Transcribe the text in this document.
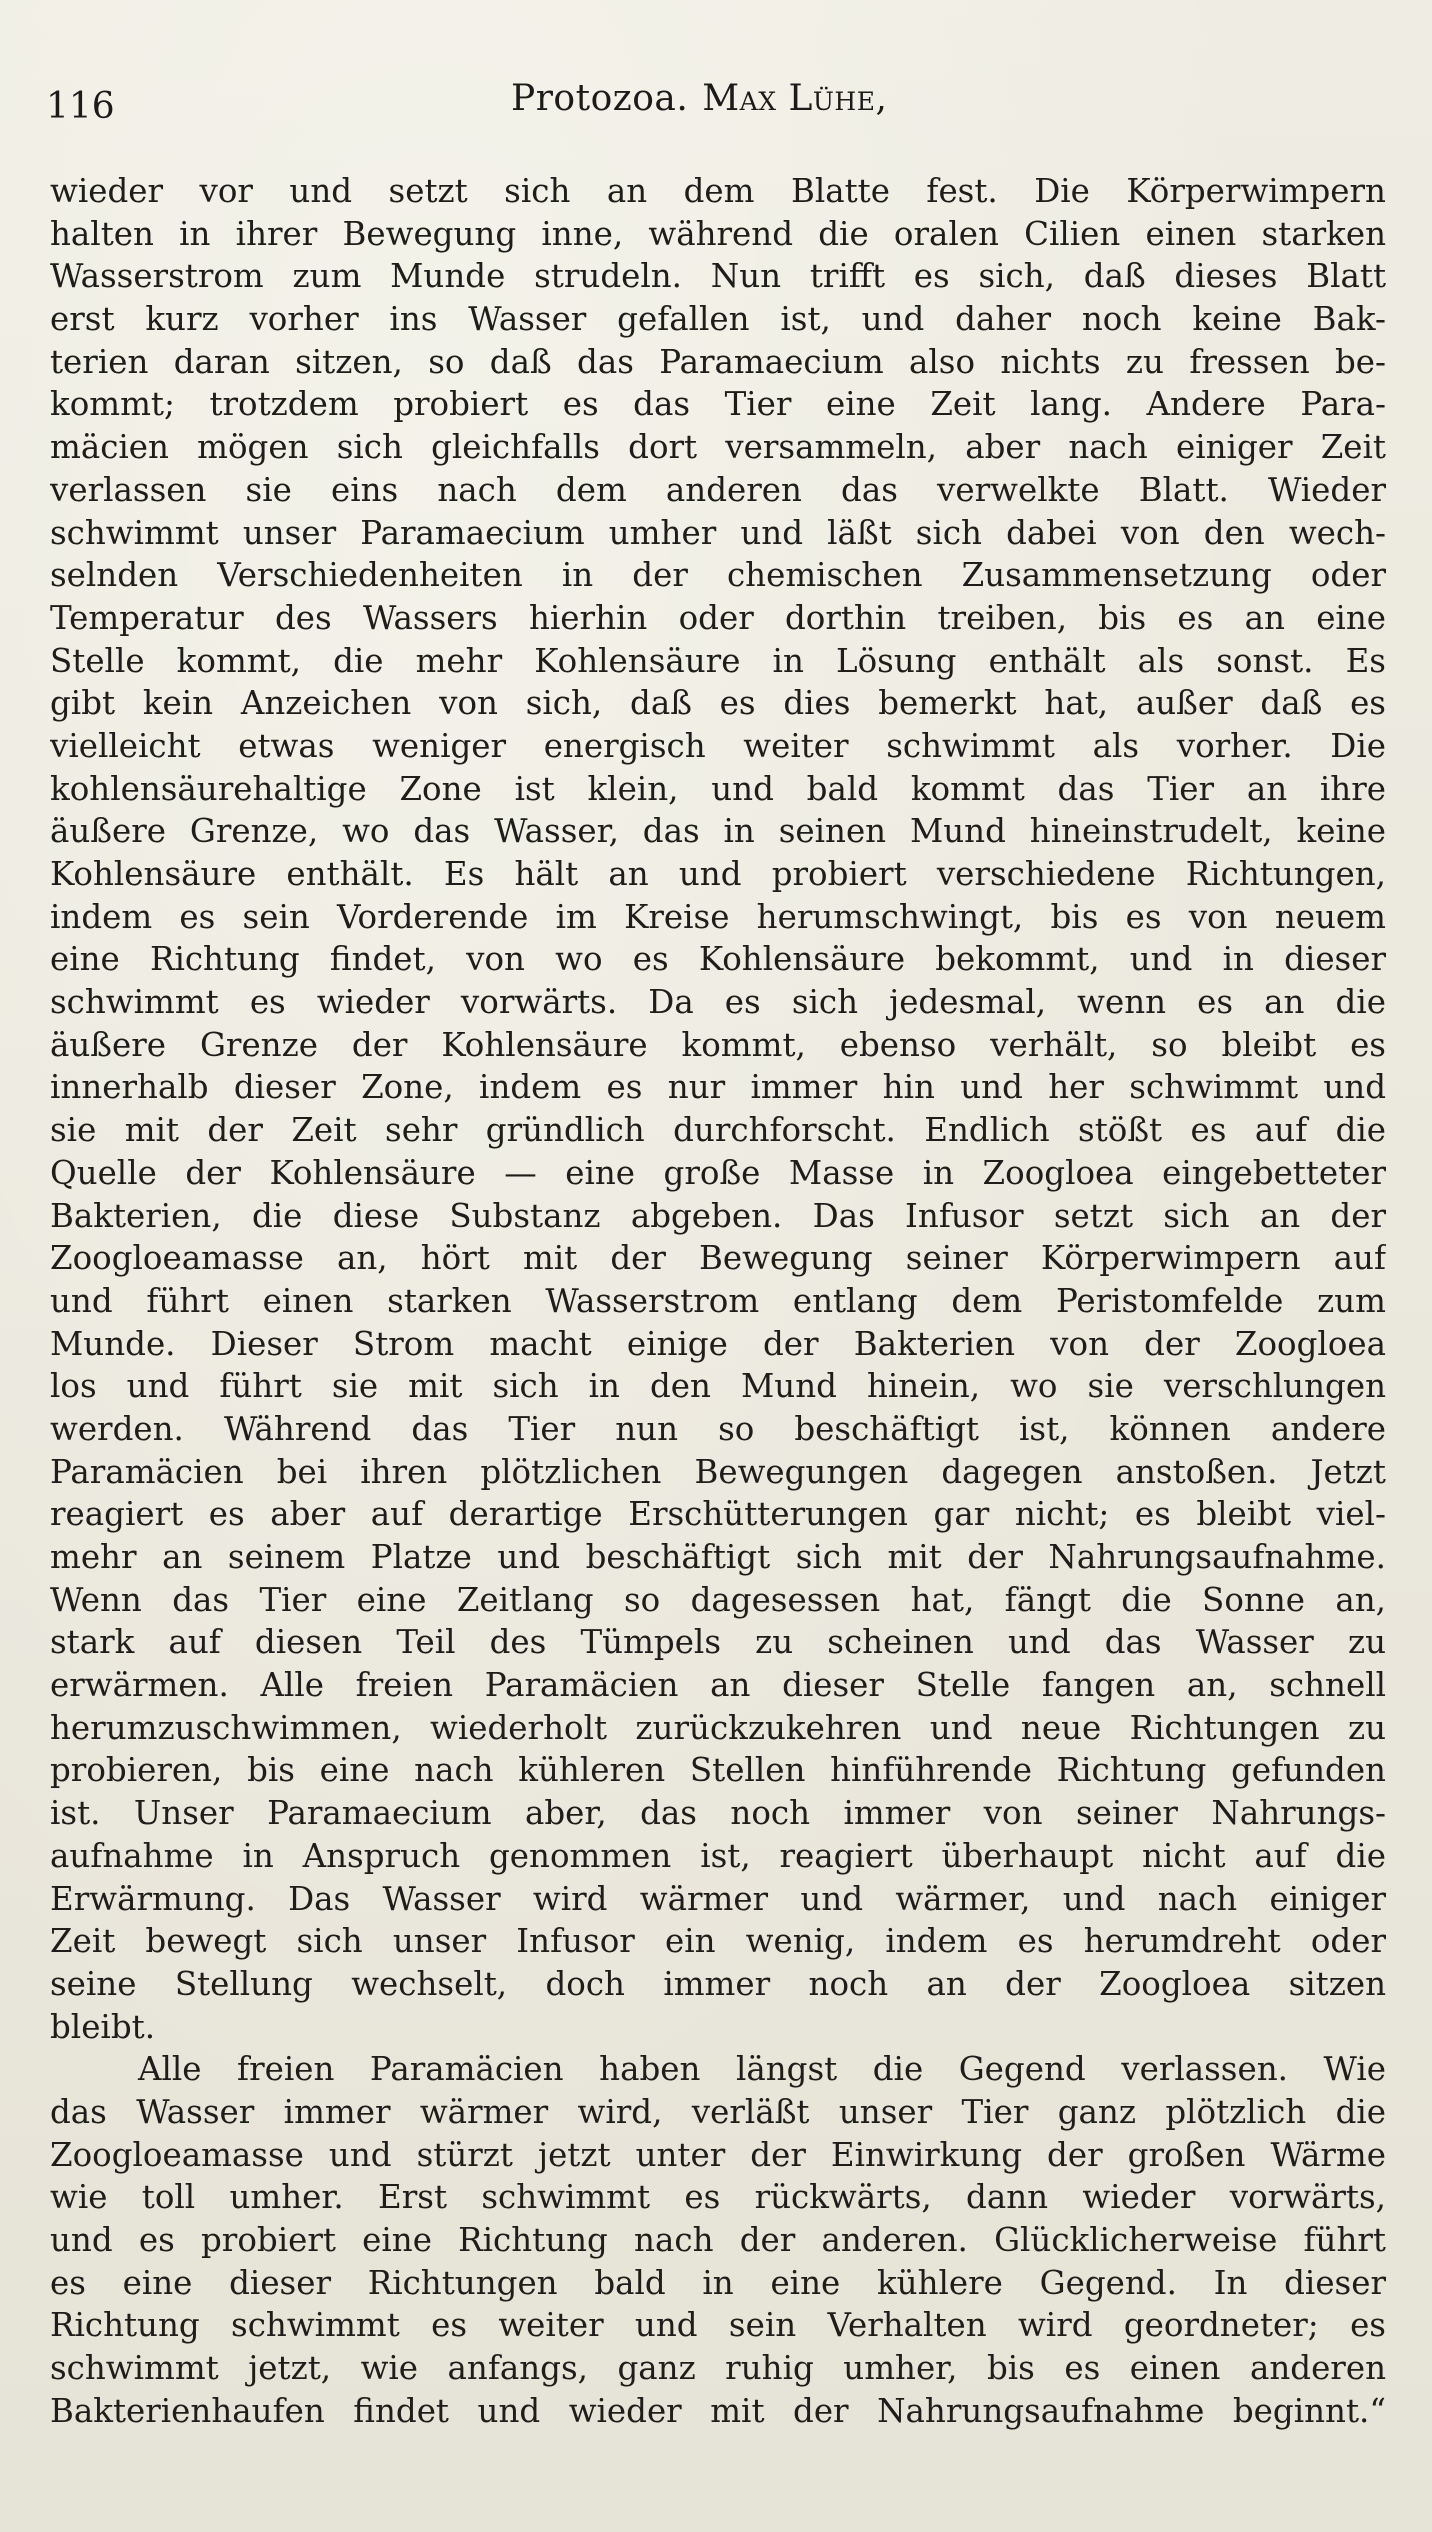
116	Protozoa. Max Lühe,
wieder vor und setzt sich an dem Blatte fest. Die Körperwimpern
halten in ihrer Bewegung inne, während die oralen Cilien einen starken
Wasserstrom zum Munde strudeln. Nun trifft es sich, daß dieses Blatt
erst kurz vorher ins Wasser gefallen ist, und daher noch keine Bak-
terien daran sitzen, so daß das Paramaecium also nichts zu fressen be-
kommt; trotzdem probiert es das Tier eine Zeit lang. Andere Para-
mäcien mögen sich gleichfalls dort versammeln, aber nach einiger Zeit
verlassen sie eins nach dem anderen das verwelkte Blatt. Wieder
schwimmt unser Paramaecium umher und läßt sich dabei von den wech-
selnden Verschiedenheiten in der chemischen Zusammensetzung oder
Temperatur des Wassers hierhin oder dorthin treiben, bis es an eine
Stelle kommt, die mehr Kohlensäure in Lösung enthält als sonst. Es
gibt kein Anzeichen von sich, daß es dies bemerkt hat, außer daß es
vielleicht etwas weniger energisch weiter schwimmt als vorher. Die
kohlensäurehaltige Zone ist klein, und bald kommt das Tier an ihre
äußere Grenze, wo das Wasser, das in seinen Mund hineinstrudelt, keine
Kohlensäure enthält. Es hält an und probiert verschiedene Richtungen,
indem es sein Vorderende im Kreise herumschwingt, bis es von neuem
eine Richtung findet, von wo es Kohlensäure bekommt, und in dieser
schwimmt es wieder vorwärts. Da es sich jedesmal, wenn es an die
äußere Grenze der Kohlensäure kommt, ebenso verhält, so bleibt es
innerhalb dieser Zone, indem es nur immer hin und her schwimmt und
sie mit der Zeit sehr gründlich durchforscht. Endlich stößt es auf die
Quelle der Kohlensäure — eine große Masse in Zoogloea eingebetteter
Bakterien, die diese Substanz abgeben. Das Infusor setzt sich an der
Zoogloeamasse an, hört mit der Bewegung seiner Körperwimpern auf
und führt einen starken Wasserstrom entlang dem Peristomfelde zum
Munde. Dieser Strom macht einige der Bakterien von der Zoogloea
los und führt sie mit sich in den Mund hinein, wo sie verschlungen
werden. Während das Tier nun so beschäftigt ist, können andere
Paramäcien bei ihren plötzlichen Bewegungen dagegen anstoßen. Jetzt
reagiert es aber auf derartige Erschütterungen gar nicht; es bleibt viel-
mehr an seinem Platze und beschäftigt sich mit der Nahrungsaufnahme.
Wenn das Tier eine Zeitlang so dagesessen hat, fängt die Sonne an,
stark auf diesen Teil des Tümpels zu scheinen und das Wasser zu
erwärmen. Alle freien Paramäcien an dieser Stelle fangen an, schnell
herumzuschwimmen, wiederholt zurückzukehren und neue Richtungen zu
probieren, bis eine nach kühleren Stellen hinführende Richtung gefunden
ist. Unser Paramaecium aber, das noch immer von seiner Nahrungs-
aufnahme in Anspruch genommen ist, reagiert überhaupt nicht auf die
Erwärmung. Das Wasser wird wärmer und wärmer, und nach einiger
Zeit bewegt sich unser Infusor ein wenig, indem es herumdreht oder
seine Stellung wechselt, doch immer noch an der Zoogloea sitzen
bleibt.
Alle freien Paramäcien haben längst die Gegend verlassen. Wie
das Wasser immer wärmer wird, verläßt unser Tier ganz plötzlich die
Zoogloeamasse und stürzt jetzt unter der Einwirkung der großen Wärme
wie toll umher. Erst schwimmt es rückwärts, dann wieder vorwärts,
und es probiert eine Richtung nach der anderen. Glücklicherweise führt
es eine dieser Richtungen bald in eine kühlere Gegend. In dieser
Richtung schwimmt es weiter und sein Verhalten wird geordneter; es
schwimmt jetzt, wie anfangs, ganz ruhig umher, bis es einen anderen
Bakterienhaufen findet und wieder mit der Nahrungsaufnahme beginnt.“
